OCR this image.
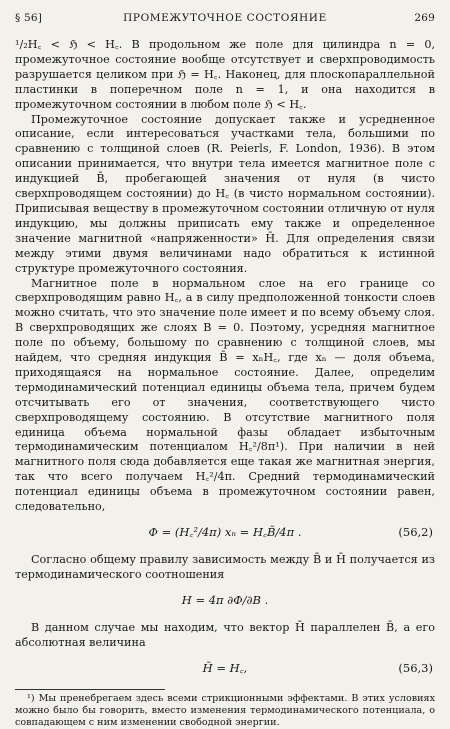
§ 56]	ПРОМЕЖУТОЧНОЕ СОСТОЯНИЕ	269

¹/₂H꜀ < ℌ < H꜀. В продольном же поле для цилиндра n = 0, промежуточное состояние вообще отсутствует и сверхпроводимость разрушается целиком при ℌ = H꜀. Наконец, для плоскопараллельной пластинки в поперечном поле n = 1, и она находится в промежуточном состоянии в любом поле ℌ < H꜀.

Промежуточное состояние допускает также и усредненное описание, если интересоваться участками тела, большими по сравнению с толщиной слоев (R. Peierls, F. London, 1936). В этом описании принимается, что внутри тела имеется магнитное поле с индукцией B̄, пробегающей значения от нуля (в чисто сверхпроводящем состоянии) до H꜀ (в чисто нормальном состоянии). Приписывая веществу в промежуточном состоянии отличную от нуля индукцию, мы должны приписать ему также и определенное значение магнитной «напряженности» H̄. Для определения связи между этими двумя величинами надо обратиться к истинной структуре промежуточного состояния.

Магнитное поле в нормальном слое на его границе со сверхпроводящим равно H꜀, а в силу предположенной тонкости слоев можно считать, что это значение поле имеет и по всему объему слоя. В сверхпроводящих же слоях B = 0. Поэтому, усредняя магнитное поле по объему, большому по сравнению с толщиной слоев, мы найдем, что средняя индукция B̄ = xₙH꜀, где xₙ — доля объема, приходящаяся на нормальное состояние. Далее, определим термодинамический потенциал единицы объема тела, причем будем отсчитывать его от значения, соответствующего чисто сверхпроводящему состоянию. В отсутствие магнитного поля единица объема нормальной фазы обладает избыточным термодинамическим потенциалом H꜀²/8π¹). При наличии в ней магнитного поля сюда добавляется еще такая же магнитная энергия, так что всего получаем H꜀²/4π. Средний термодинамический потенциал единицы объема в промежуточном состоянии равен, следовательно,

Φ = (H꜀²/4π) xₙ = H꜀B̄/4π .	(56,2)

Согласно общему правилу зависимость между B̄ и H̄ получается из термодинамического соотношения

H = 4π ∂Φ/∂B .

В данном случае мы находим, что вектор H̄ параллелен B̄, а его абсолютная величина

H̄ = H꜀,	(56,3)
¹) Мы пренебрегаем здесь всеми стрикционными эффектами. В этих условиях можно было бы говорить, вместо изменения термодинамического потенциала, о совпадающем с ним изменении свободной энергии.
